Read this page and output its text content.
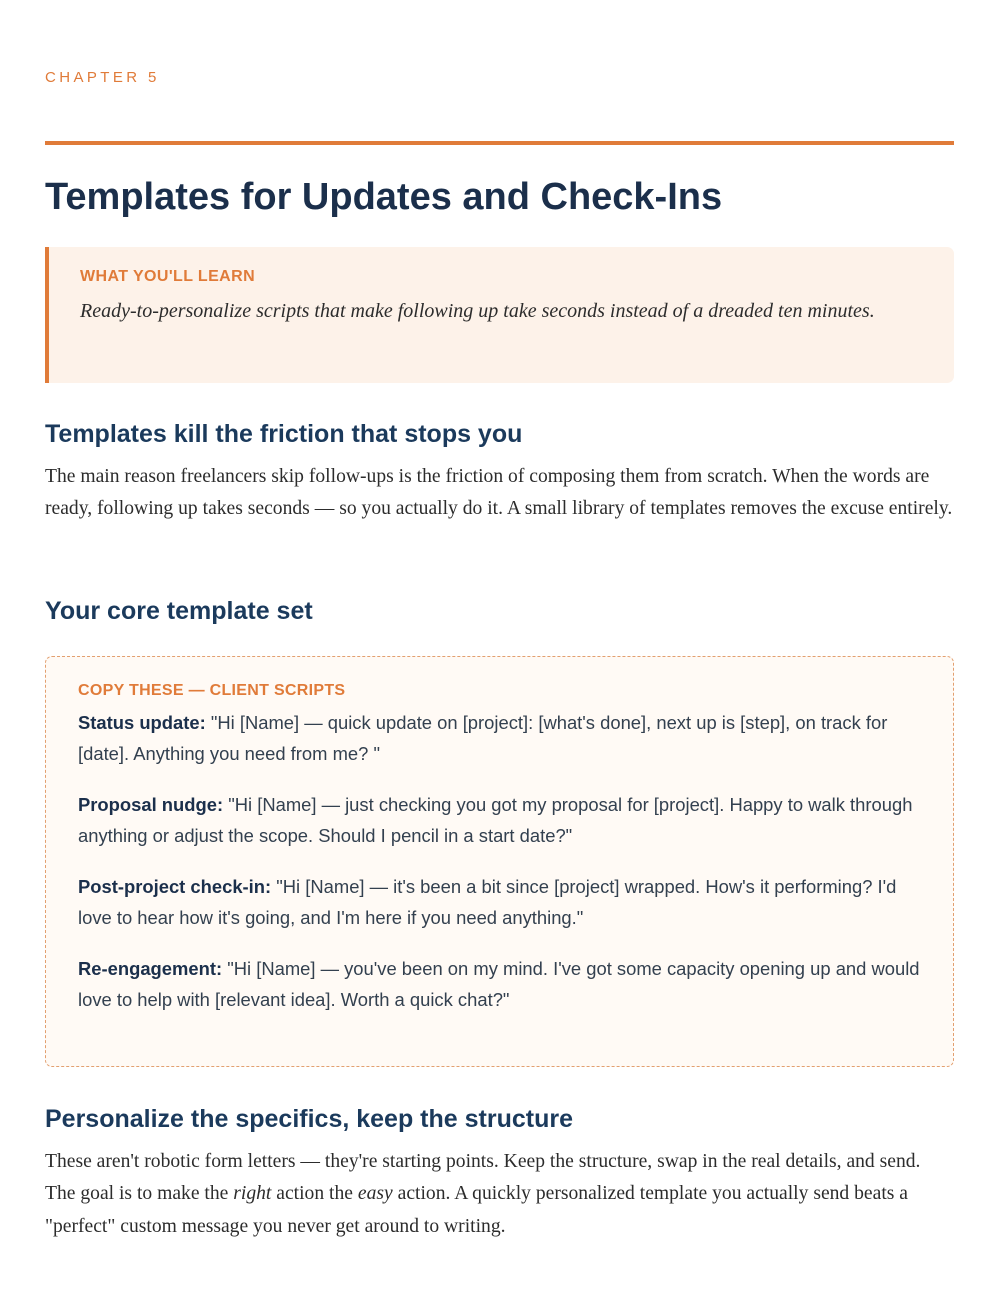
CHAPTER 5

Templates for Updates and Check-Ins

WHAT YOU'LL LEARN

Ready-to-personalize scripts that make following up take seconds instead of a dreaded ten minutes.

Templates kill the friction that stops you

The main reason freelancers skip follow-ups is the friction of composing them from scratch. When the words are ready, following up takes seconds — so you actually do it. A small library of templates removes the excuse entirely.

Your core template set

COPY THESE — CLIENT SCRIPTS

Status update: "Hi [Name] — quick update on [project]: [what's done], next up is [step], on track for [date]. Anything you need from me? "

Proposal nudge: "Hi [Name] — just checking you got my proposal for [project]. Happy to walk through anything or adjust the scope. Should I pencil in a start date?"

Post-project check-in: "Hi [Name] — it's been a bit since [project] wrapped. How's it performing? I'd love to hear how it's going, and I'm here if you need anything."

Re-engagement: "Hi [Name] — you've been on my mind. I've got some capacity opening up and would love to help with [relevant idea]. Worth a quick chat?"

Personalize the specifics, keep the structure

These aren't robotic form letters — they're starting points. Keep the structure, swap in the real details, and send. The goal is to make the right action the easy action. A quickly personalized template you actually send beats a "perfect" custom message you never get around to writing.
